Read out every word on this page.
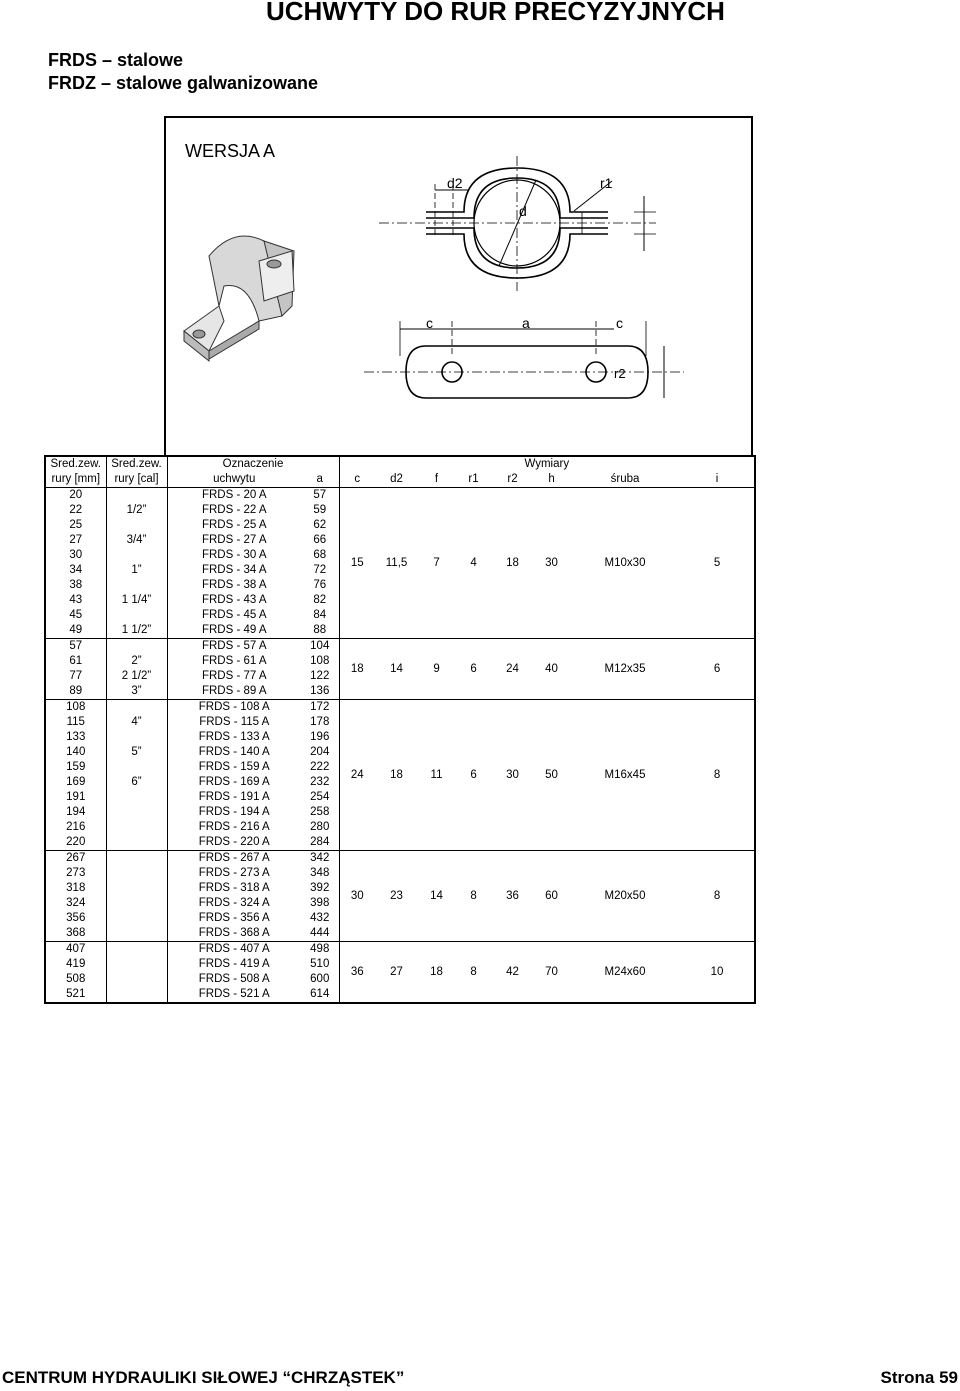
UCHWYTY DO RUR PRECYZYJNYCH
FRDS – stalowe
FRDZ – stalowe galwanizowane
WERSJA A
d2	r1
d
c	a	c
r2
Sred.zew.	Sred.zew.	Oznaczenie		Wymiary							
rury [mm]	rury [cal]	uchwytu	a	c	d2	f	r1	r2	h	śruba	i
20		FRDS - 20 A	57	15	11,5	7	4	18	30	M10x30	5
22	1/2”	FRDS - 22 A	59								
25		FRDS - 25 A	62								
27	3/4”	FRDS - 27 A	66								
30		FRDS - 30 A	68								
34	1”	FRDS - 34 A	72								
38		FRDS - 38 A	76								
43	1 1/4”	FRDS - 43 A	82								
45		FRDS - 45 A	84								
49	1 1/2”	FRDS - 49 A	88								
57		FRDS - 57 A	104	18	14	9	6	24	40	M12x35	6
61	2”	FRDS - 61 A	108								
77	2 1/2”	FRDS - 77 A	122								
89	3”	FRDS - 89 A	136								
108		FRDS - 108 A	172	24	18	11	6	30	50	M16x45	8
115	4”	FRDS - 115 A	178								
133		FRDS - 133 A	196								
140	5”	FRDS - 140 A	204								
159		FRDS - 159 A	222								
169	6”	FRDS - 169 A	232								
191		FRDS - 191 A	254								
194		FRDS - 194 A	258								
216		FRDS - 216 A	280								
220		FRDS - 220 A	284								
267		FRDS - 267 A	342	30	23	14	8	36	60	M20x50	8
273		FRDS - 273 A	348								
318		FRDS - 318 A	392								
324		FRDS - 324 A	398								
356		FRDS - 356 A	432								
368		FRDS - 368 A	444								
407		FRDS - 407 A	498	36	27	18	8	42	70	M24x60	10
419		FRDS - 419 A	510								
508		FRDS - 508 A	600								
521		FRDS - 521 A	614								
CENTRUM HYDRAULIKI SIŁOWEJ “CHRZĄSTEK”	Strona 59
